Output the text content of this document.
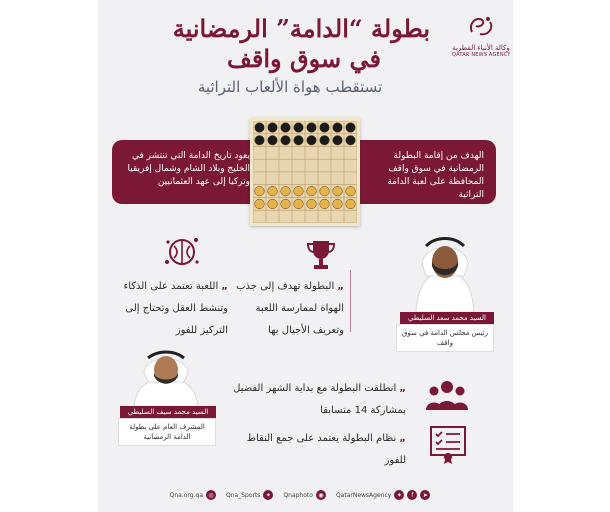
وكالة الأنباء القطرية
QATAR NEWS AGENCY
بطولة “الدامة” الرمضانية
في سوق واقف
تستقطب هواة الألعاب التراثية
يعود تاريخ الدامة التي تنتشر في الخليج وبلاد الشام وشمال إفريقيا وتركيا إلى عهد العثمانيين
الهدف من إقامة البطولة الرمضانية في سوق واقف المحافظة على لعبة الدامة التراثية
„ اللعبة تعتمد على الذكاء وتنشط العقل وتحتاج إلى التركيز للفوز
„ البطولة تهدف إلى جذب الهواة لممارسة اللعبة وتعريف الأجيال بها
السيد محمد سعد السليطي
رئيس مجلس الدامة في سوق واقف
السيد محمد سيف السليطي
المشرف العام على بطولة الدامة الرمضانية
„ انطلقت البطولة مع بداية الشهر الفضيل بمشاركة 14 متسابقا
„ نظام البطولة يعتمد على جمع النقاط للفوز
Qna.org.qa ◎	Qna_Sports ✦	Qnaphoto ◉	QatarNewsAgency ✦	f	➤
